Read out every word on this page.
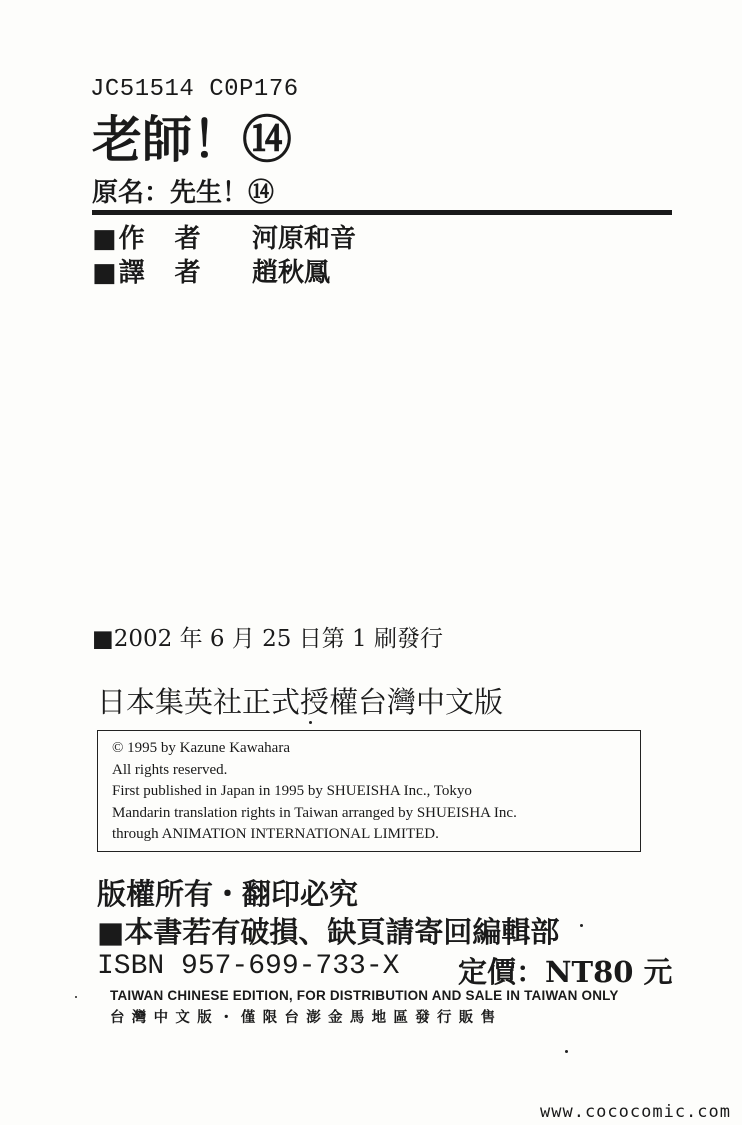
JC51514 C0P176
老師！⑭
原名：先生！⑭
■作　者 河原和音
■譯　者 趙秋鳳
■2002 年 6 月 25 日第 1 刷發行
日本集英社正式授權台灣中文版
© 1995 by Kazune Kawahara
All rights reserved.
First published in Japan in 1995 by SHUEISHA Inc., Tokyo
Mandarin translation rights in Taiwan arranged by SHUEISHA Inc.
through ANIMATION INTERNATIONAL LIMITED.
版權所有・翻印必究
■本書若有破損、缺頁請寄回編輯部
ISBN 957-699-733-X 定價：NT80 元
TAIWAN CHINESE EDITION, FOR DISTRIBUTION AND SALE IN TAIWAN ONLY
台灣中文版・僅限台澎金馬地區發行販售
www.cococomic.com
